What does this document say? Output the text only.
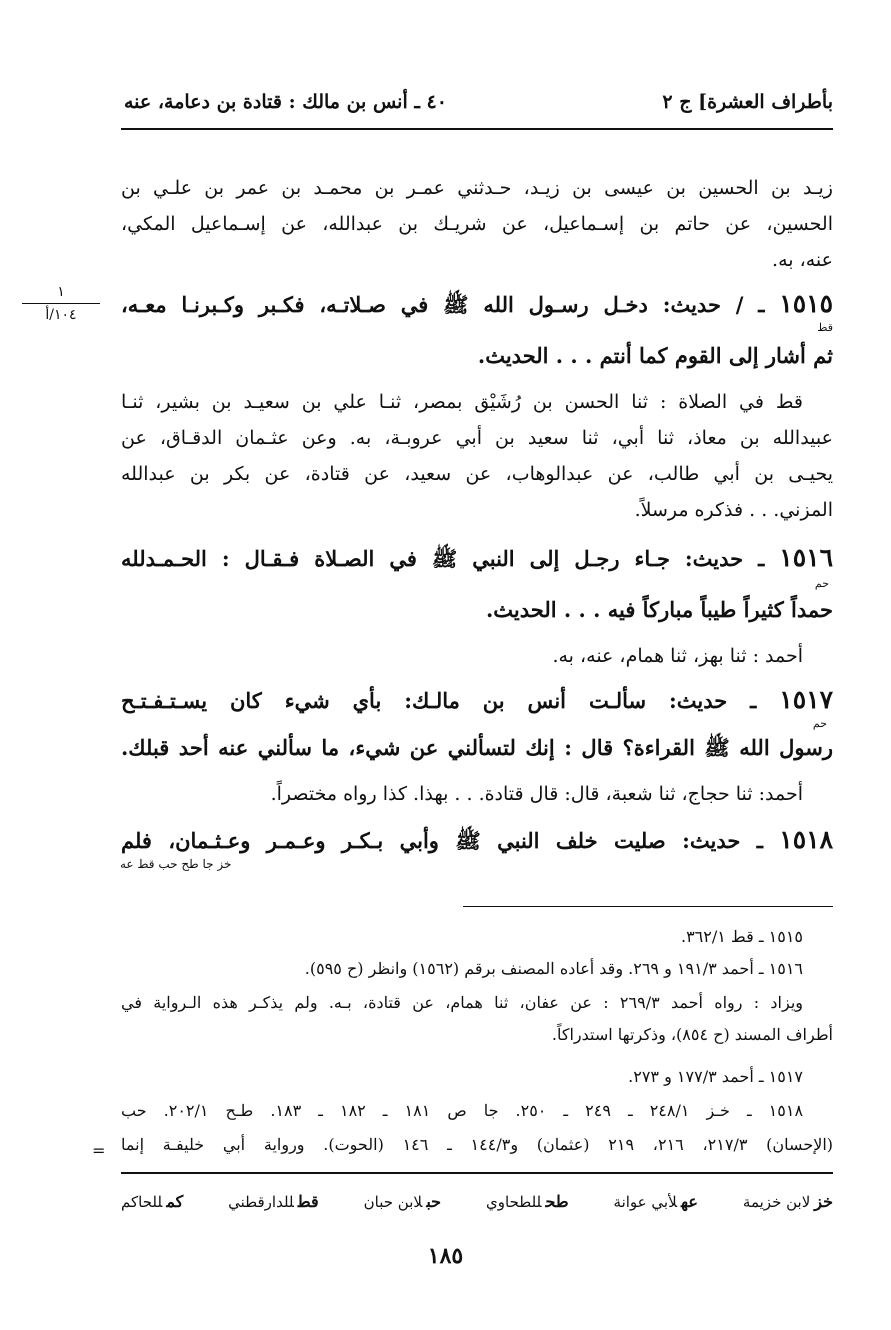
بأطراف العشرة] ج ٢
٤٠ ـ أنس بن مالك : قتادة بن دعامة، عنه
زيـد بن الحسين بن عيسى بن زيـد، حـدثني عمـر بن محمـد بن عمر بن علـي بن
الحسين، عن حاتم بن إسـماعيل، عن شريـك بن عبدالله، عن إسـماعيل المكي،
عنه، به.
١٥١٥ ـ / حديث: دخـل رسـول الله ﷺ في صـلاتـه، فكـبر وكـبرنـا معـه،
قط
ثم أشار إلى القوم كما أنتم . . . الحديث.
١
١٠٤/أ
قط في الصلاة : ثنا الحسن بن رُشَيْق بمصر، ثنـا علي بن سعيـد بن بشير، ثنـا
عبيدالله بن معاذ، ثنا أبي، ثنا سعيد بن أبي عروبـة، به. وعن عثـمان الدقـاق، عن
يحيـى بن أبي طالب، عن عبدالوهاب، عن سعيد، عن قتادة، عن بكر بن عبدالله
المزني. . . فذكره مرسلاً.
١٥١٦ ـ حديث: جـاء رجـل إلى النبي ﷺ في الصـلاة فـقـال : الحـمـدلله
حم
حمداً كثيراً طيباً مباركاً فيه . . . الحديث.
أحمد : ثنا بهز، ثنا همام، عنه، به.
١٥١٧ ـ حديث: سألـت أنس بن مالـك: بأي شيء كان يسـتـفـتـح
حم
رسول الله ﷺ القراءة؟ قال : إنك لتسألني عن شيء، ما سألني عنه أحد قبلك.
أحمد: ثنا حجاج، ثنا شعبة، قال: قال قتادة. . . بهذا. كذا رواه مختصراً.
١٥١٨ ـ حديث: صليت خلف النبي ﷺ وأبي بـكـر وعـمـر وعـثـمان، فلم
خز جا طح حب قط عه
١٥١٥ ـ قط ٣٦٢/١.
١٥١٦ ـ أحمد ١٩١/٣ و ٢٦٩. وقد أعاده المصنف برقم (١٥٦٢) وانظر (ح ٥٩٥).
ويزاد : رواه أحمد ٢٦٩/٣ : عن عفان، ثنا همام، عن قتادة، بـه. ولم يذكـر هذه الـرواية في
أطراف المسند (ح ٨٥٤)، وذكرتها استدراكاً.
١٥١٧ ـ أحمد ١٧٧/٣ و ٢٧٣.
١٥١٨ ـ خـز ٢٤٨/١ ـ ٢٤٩ ـ ٢٥٠. جا ص ١٨١ ـ ١٨٢ ـ ١٨٣. طـح ٢٠٢/١. حب
(الإحسان) ٢١٧/٣، ٢١٦، ٢١٩ (عثمان) و١٤٤/٣ ـ ١٤٦ (الحوت). ورواية أبي خليفـة إنما
=
خزلابن خزيمة
عهلأبي عوانة
طحللطحاوي
حبلابن حبان
قطللدارقطني
كمللحاكم
١٨٥
